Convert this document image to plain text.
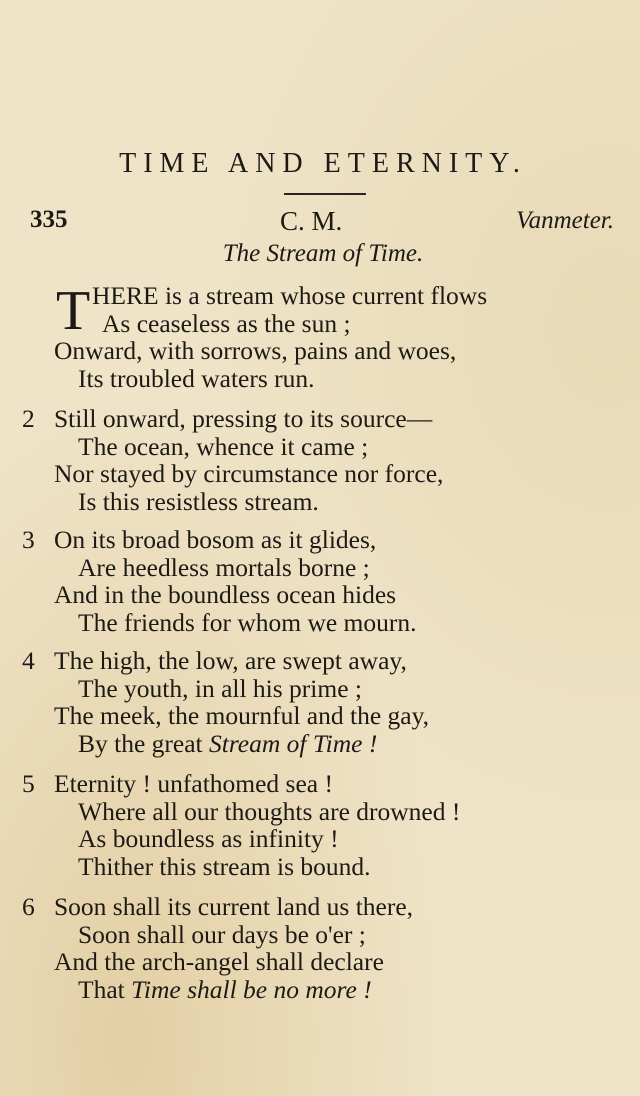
TIME AND ETERNITY.
335	C. M.	Vanmeter.
The Stream of Time.
T HERE is a stream whose current flows
As ceaseless as the sun ;
Onward, with sorrows, pains and woes,
Its troubled waters run.
2 Still onward, pressing to its source—
The ocean, whence it came ;
Nor stayed by circumstance nor force,
Is this resistless stream.
3 On its broad bosom as it glides,
Are heedless mortals borne ;
And in the boundless ocean hides
The friends for whom we mourn.
4 The high, the low, are swept away,
The youth, in all his prime ;
The meek, the mournful and the gay,
By the great Stream of Time !
5 Eternity ! unfathomed sea !
Where all our thoughts are drowned !
As boundless as infinity !
Thither this stream is bound.
6 Soon shall its current land us there,
Soon shall our days be o'er ;
And the arch-angel shall declare
That Time shall be no more !
